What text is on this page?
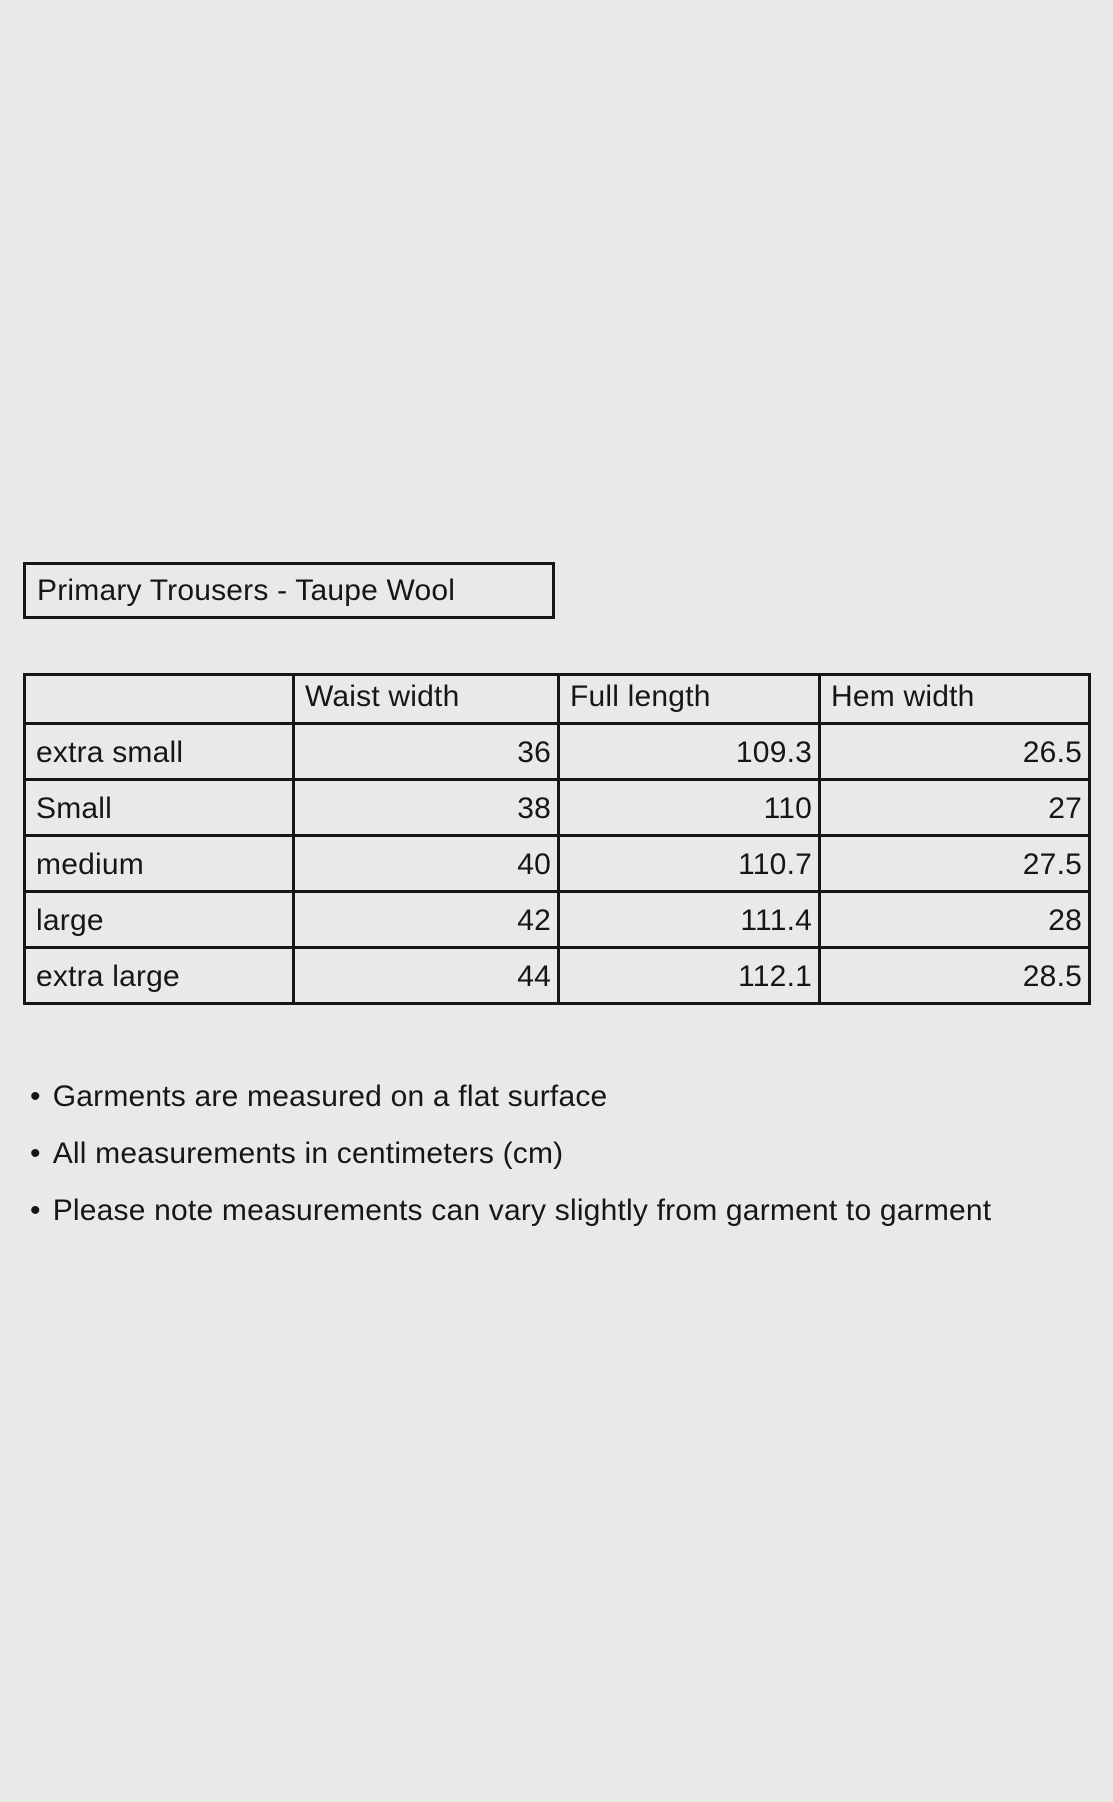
Primary Trousers - Taupe Wool
	Waist width	Full length	Hem width
extra small	36	109.3	26.5
Small	38	110	27
medium	40	110.7	27.5
large	42	111.4	28
extra large	44	112.1	28.5
• Garments are measured on a flat surface
• All measurements in centimeters (cm)
• Please note measurements can vary slightly from garment to garment
